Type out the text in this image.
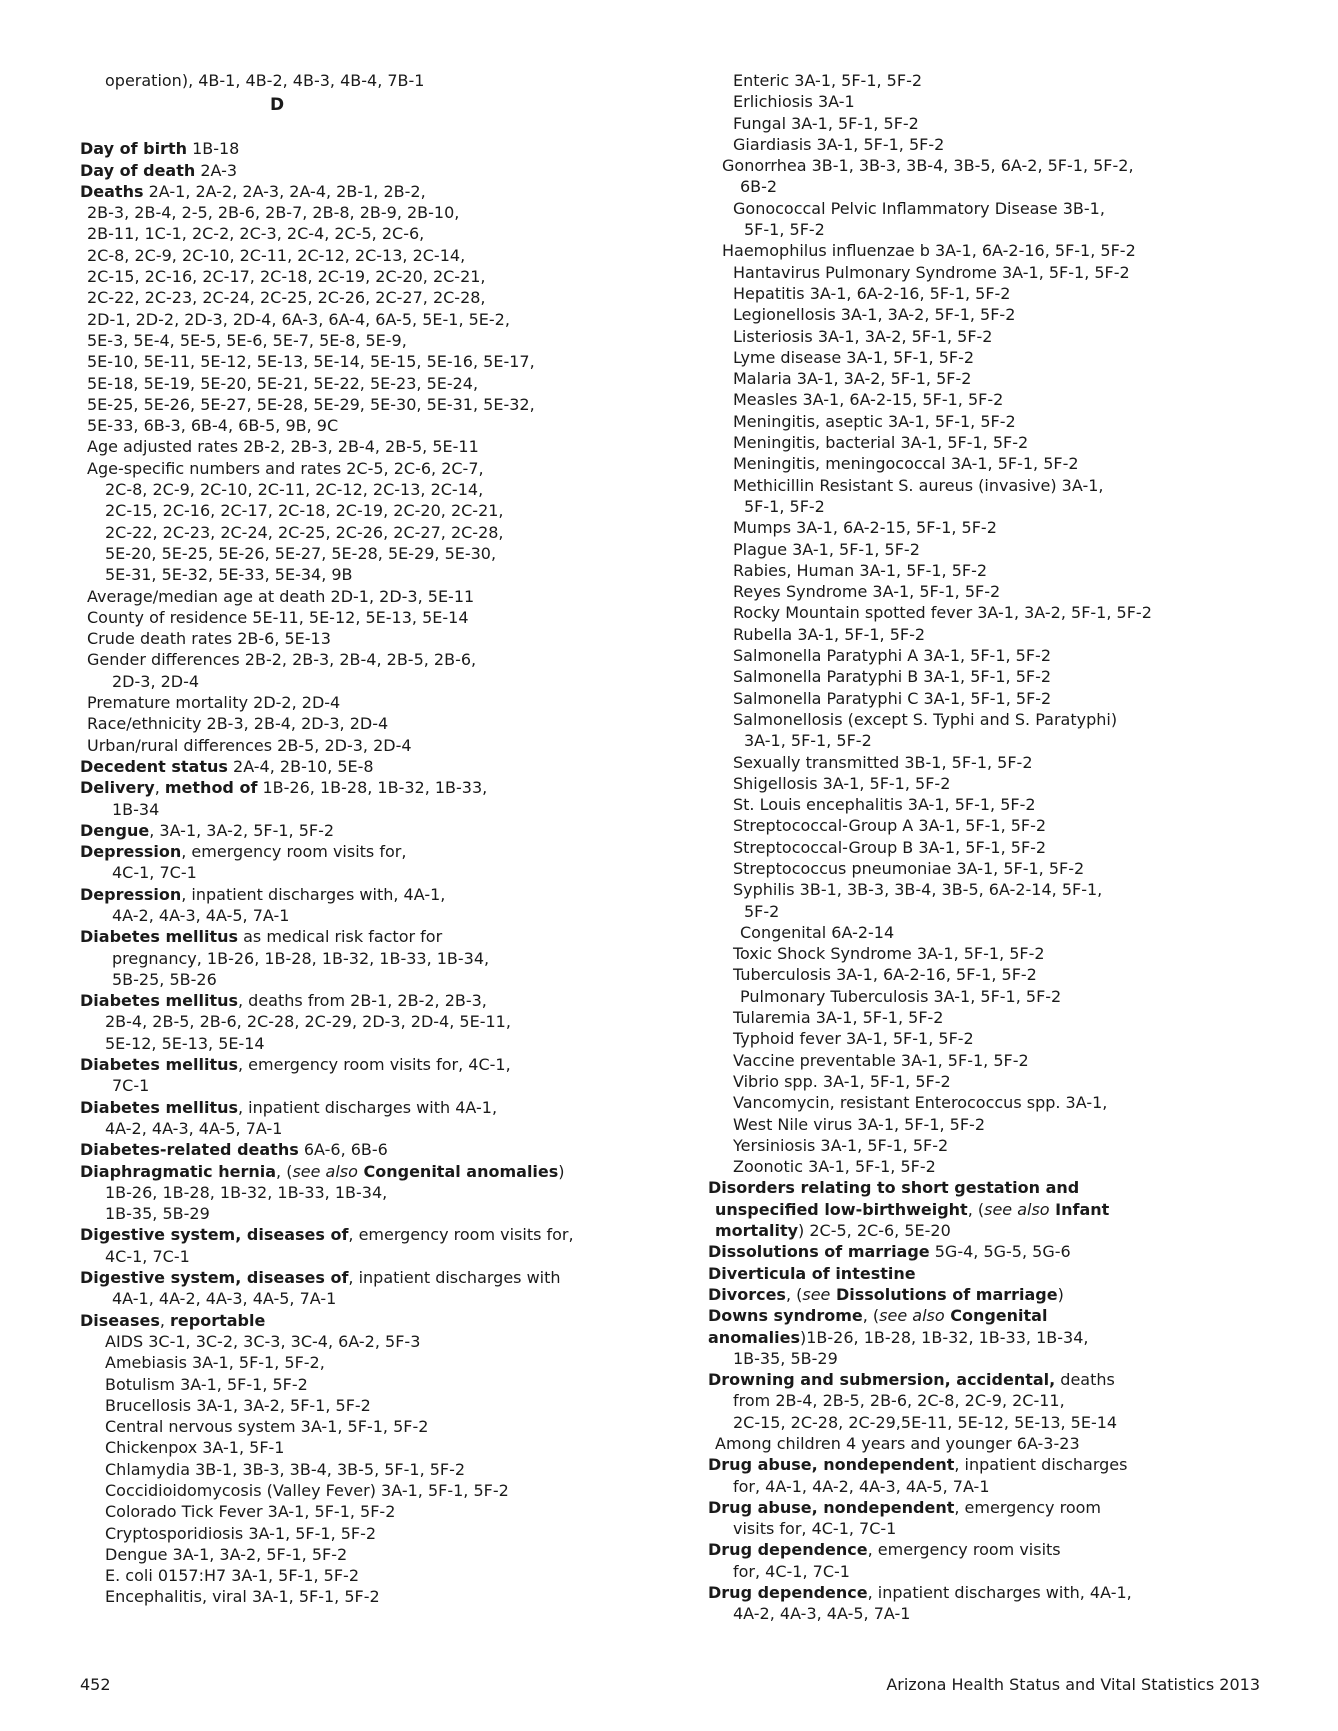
operation), 4B-1, 4B-2, 4B-3, 4B-4, 7B-1
D
Day of birth 1B-18
Day of death 2A-3
Deaths 2A-1, 2A-2, 2A-3, 2A-4, 2B-1, 2B-2,
2B-3, 2B-4, 2-5, 2B-6, 2B-7, 2B-8, 2B-9, 2B-10,
2B-11, 1C-1, 2C-2, 2C-3, 2C-4, 2C-5, 2C-6,
2C-8, 2C-9, 2C-10, 2C-11, 2C-12, 2C-13, 2C-14,
2C-15, 2C-16, 2C-17, 2C-18, 2C-19, 2C-20, 2C-21,
2C-22, 2C-23, 2C-24, 2C-25, 2C-26, 2C-27, 2C-28,
2D-1, 2D-2, 2D-3, 2D-4, 6A-3, 6A-4, 6A-5, 5E-1, 5E-2,
5E-3, 5E-4, 5E-5, 5E-6, 5E-7, 5E-8, 5E-9,
5E-10, 5E-11, 5E-12, 5E-13, 5E-14, 5E-15, 5E-16, 5E-17,
5E-18, 5E-19, 5E-20, 5E-21, 5E-22, 5E-23, 5E-24,
5E-25, 5E-26, 5E-27, 5E-28, 5E-29, 5E-30, 5E-31, 5E-32,
5E-33, 6B-3, 6B-4, 6B-5, 9B, 9C
Age adjusted rates 2B-2, 2B-3, 2B-4, 2B-5, 5E-11
Age-specific numbers and rates 2C-5, 2C-6, 2C-7,
2C-8, 2C-9, 2C-10, 2C-11, 2C-12, 2C-13, 2C-14,
2C-15, 2C-16, 2C-17, 2C-18, 2C-19, 2C-20, 2C-21,
2C-22, 2C-23, 2C-24, 2C-25, 2C-26, 2C-27, 2C-28,
5E-20, 5E-25, 5E-26, 5E-27, 5E-28, 5E-29, 5E-30,
5E-31, 5E-32, 5E-33, 5E-34, 9B
Average/median age at death 2D-1, 2D-3, 5E-11
County of residence 5E-11, 5E-12, 5E-13, 5E-14
Crude death rates 2B-6, 5E-13
Gender differences 2B-2, 2B-3, 2B-4, 2B-5, 2B-6,
2D-3, 2D-4
Premature mortality 2D-2, 2D-4
Race/ethnicity 2B-3, 2B-4, 2D-3, 2D-4
Urban/rural differences 2B-5, 2D-3, 2D-4
Decedent status 2A-4, 2B-10, 5E-8
Delivery, method of 1B-26, 1B-28, 1B-32, 1B-33,
1B-34
Dengue, 3A-1, 3A-2, 5F-1, 5F-2
Depression, emergency room visits for,
4C-1, 7C-1
Depression, inpatient discharges with, 4A-1,
4A-2, 4A-3, 4A-5, 7A-1
Diabetes mellitus as medical risk factor for
pregnancy, 1B-26, 1B-28, 1B-32, 1B-33, 1B-34,
5B-25, 5B-26
Diabetes mellitus, deaths from 2B-1, 2B-2, 2B-3,
2B-4, 2B-5, 2B-6, 2C-28, 2C-29, 2D-3, 2D-4, 5E-11,
5E-12, 5E-13, 5E-14
Diabetes mellitus, emergency room visits for, 4C-1,
7C-1
Diabetes mellitus, inpatient discharges with 4A-1,
4A-2, 4A-3, 4A-5, 7A-1
Diabetes-related deaths 6A-6, 6B-6
Diaphragmatic hernia, (see also Congenital anomalies)
1B-26, 1B-28, 1B-32, 1B-33, 1B-34,
1B-35, 5B-29
Digestive system, diseases of, emergency room visits for,
4C-1, 7C-1
Digestive system, diseases of, inpatient discharges with
4A-1, 4A-2, 4A-3, 4A-5, 7A-1
Diseases, reportable
AIDS 3C-1, 3C-2, 3C-3, 3C-4, 6A-2, 5F-3
Amebiasis 3A-1, 5F-1, 5F-2,
Botulism 3A-1, 5F-1, 5F-2
Brucellosis 3A-1, 3A-2, 5F-1, 5F-2
Central nervous system 3A-1, 5F-1, 5F-2
Chickenpox 3A-1, 5F-1
Chlamydia 3B-1, 3B-3, 3B-4, 3B-5, 5F-1, 5F-2
Coccidioidomycosis (Valley Fever) 3A-1, 5F-1, 5F-2
Colorado Tick Fever 3A-1, 5F-1, 5F-2
Cryptosporidiosis 3A-1, 5F-1, 5F-2
Dengue 3A-1, 3A-2, 5F-1, 5F-2
E. coli 0157:H7 3A-1, 5F-1, 5F-2
Encephalitis, viral 3A-1, 5F-1, 5F-2
Enteric 3A-1, 5F-1, 5F-2
Erlichiosis 3A-1
Fungal 3A-1, 5F-1, 5F-2
Giardiasis 3A-1, 5F-1, 5F-2
Gonorrhea 3B-1, 3B-3, 3B-4, 3B-5, 6A-2, 5F-1, 5F-2,
6B-2
Gonococcal Pelvic Inflammatory Disease 3B-1,
5F-1, 5F-2
Haemophilus influenzae b 3A-1, 6A-2-16, 5F-1, 5F-2
Hantavirus Pulmonary Syndrome 3A-1, 5F-1, 5F-2
Hepatitis 3A-1, 6A-2-16, 5F-1, 5F-2
Legionellosis 3A-1, 3A-2, 5F-1, 5F-2
Listeriosis 3A-1, 3A-2, 5F-1, 5F-2
Lyme disease 3A-1, 5F-1, 5F-2
Malaria 3A-1, 3A-2, 5F-1, 5F-2
Measles 3A-1, 6A-2-15, 5F-1, 5F-2
Meningitis, aseptic 3A-1, 5F-1, 5F-2
Meningitis, bacterial 3A-1, 5F-1, 5F-2
Meningitis, meningococcal 3A-1, 5F-1, 5F-2
Methicillin Resistant S. aureus (invasive) 3A-1,
5F-1, 5F-2
Mumps 3A-1, 6A-2-15, 5F-1, 5F-2
Plague 3A-1, 5F-1, 5F-2
Rabies, Human 3A-1, 5F-1, 5F-2
Reyes Syndrome 3A-1, 5F-1, 5F-2
Rocky Mountain spotted fever 3A-1, 3A-2, 5F-1, 5F-2
Rubella 3A-1, 5F-1, 5F-2
Salmonella Paratyphi A 3A-1, 5F-1, 5F-2
Salmonella Paratyphi B 3A-1, 5F-1, 5F-2
Salmonella Paratyphi C 3A-1, 5F-1, 5F-2
Salmonellosis (except S. Typhi and S. Paratyphi)
3A-1, 5F-1, 5F-2
Sexually transmitted 3B-1, 5F-1, 5F-2
Shigellosis 3A-1, 5F-1, 5F-2
St. Louis encephalitis 3A-1, 5F-1, 5F-2
Streptococcal-Group A 3A-1, 5F-1, 5F-2
Streptococcal-Group B 3A-1, 5F-1, 5F-2
Streptococcus pneumoniae 3A-1, 5F-1, 5F-2
Syphilis 3B-1, 3B-3, 3B-4, 3B-5, 6A-2-14, 5F-1,
5F-2
Congenital 6A-2-14
Toxic Shock Syndrome 3A-1, 5F-1, 5F-2
Tuberculosis 3A-1, 6A-2-16, 5F-1, 5F-2
Pulmonary Tuberculosis 3A-1, 5F-1, 5F-2
Tularemia 3A-1, 5F-1, 5F-2
Typhoid fever 3A-1, 5F-1, 5F-2
Vaccine preventable 3A-1, 5F-1, 5F-2
Vibrio spp. 3A-1, 5F-1, 5F-2
Vancomycin, resistant Enterococcus spp. 3A-1,
West Nile virus 3A-1, 5F-1, 5F-2
Yersiniosis 3A-1, 5F-1, 5F-2
Zoonotic 3A-1, 5F-1, 5F-2
Disorders relating to short gestation and
unspecified low-birthweight, (see also Infant
mortality) 2C-5, 2C-6, 5E-20
Dissolutions of marriage 5G-4, 5G-5, 5G-6
Diverticula of intestine
Divorces, (see Dissolutions of marriage)
Downs syndrome, (see also Congenital
anomalies)1B-26, 1B-28, 1B-32, 1B-33, 1B-34,
1B-35, 5B-29
Drowning and submersion, accidental, deaths
from 2B-4, 2B-5, 2B-6, 2C-8, 2C-9, 2C-11,
2C-15, 2C-28, 2C-29,5E-11, 5E-12, 5E-13, 5E-14
Among children 4 years and younger 6A-3-23
Drug abuse, nondependent, inpatient discharges
for, 4A-1, 4A-2, 4A-3, 4A-5, 7A-1
Drug abuse, nondependent, emergency room
visits for, 4C-1, 7C-1
Drug dependence, emergency room visits
for, 4C-1, 7C-1
Drug dependence, inpatient discharges with, 4A-1,
4A-2, 4A-3, 4A-5, 7A-1
452	Arizona Health Status and Vital Statistics 2013
